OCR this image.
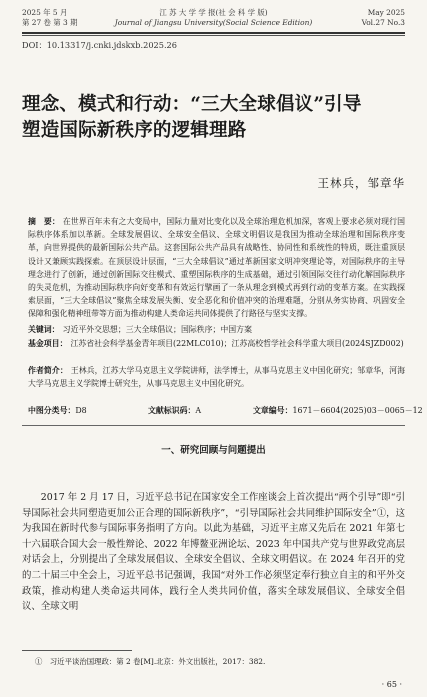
2025 年 5 月
第 27 卷 第 3 期
江 苏 大 学 学 报(社 会 科 学 版)
Journal of Jiangsu University(Social Science Edition)
May 2025
Vol.27 No.3
DOI：10.13317/j.cnki.jdskxb.2025.26
理念、模式和行动：“三大全球倡议”引导
塑造国际新秩序的逻辑理路
王林兵，邹章华
摘　要： 在世界百年未有之大变局中，国际力量对比变化以及全球治理危机加深，客观上要求必须对现行国际秩序体系加以革新。全球发展倡议、全球安全倡议、全球文明倡议是我国为推动全球治理和国际秩序变革，向世界提供的最新国际公共产品。这套国际公共产品具有战略性、协同性和系统性的特质，既注重顶层设计又兼顾实践探索。在顶层设计层面，“三大全球倡议”通过革新国家文明冲突理论等，对国际秩序的主导理念进行了创新，通过创新国际交往模式、重塑国际秩序的生成基础，通过引领国际交往行动化解国际秩序的失灵危机，为推动国际秩序向好变革和有效运行擘画了一条从理念到模式再到行动的变革方案。在实践探索层面，“三大全球倡议”聚焦全球发展失衡、安全恶化和价值冲突的治理难题，分别从务实协商、巩固安全保障和强化精神纽带等方面为推动构建人类命运共同体提供了行路径与坚实支撑。
关键词： 习近平外交思想；三大全球倡议；国际秩序；中国方案
基金项目： 江苏省社会科学基金青年项目(22MLC010)；江苏高校哲学社会科学重大项目(2024SJZD002)
作者简介： 王林兵，江苏大学马克思主义学院讲师，法学博士，从事马克思主义中国化研究；邹章华，河海大学马克思主义学院博士研究生，从事马克思主义中国化研究。
中图分类号：D8	文献标识码：A	文章编号：1671－6604(2025)03－0065－12
一、研究回顾与问题提出
2017 年 2 月 17 日，习近平总书记在国家安全工作座谈会上首次提出“两个引导”即“引导国际社会共同塑造更加公正合理的国际新秩序”，“引导国际社会共同维护国际安全”①，这为我国在新时代参与国际事务指明了方向。以此为基础，习近平主席又先后在 2021 年第七十六届联合国大会一般性辩论、2022 年博鳌亚洲论坛、2023 年中国共产党与世界政党高层对话会上，分别提出了全球发展倡议、全球安全倡议、全球文明倡议。在 2024 年召开的党的二十届三中全会上，习近平总书记强调，我国“对外工作必须坚定奉行独立自主的和平外交政策，推动构建人类命运共同体，践行全人类共同价值，落实全球发展倡议、全球安全倡议、全球文明
①　习近平谈治国理政：第 2 卷[M].北京：外文出版社，2017：382.
· 65 ·
